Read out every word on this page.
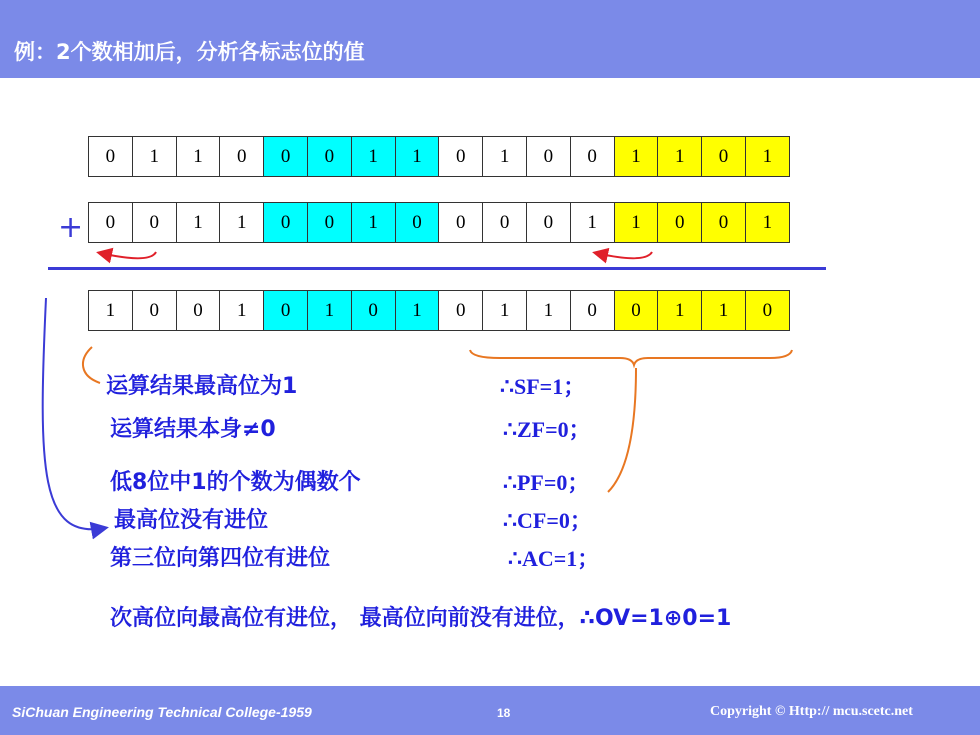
例：2个数相加后，分析各标志位的值
0	1	1	0	0	0	1	1	0	1	0	0	1	1	0	1
+	0	0	1	1	0	0	1	0	0	0	0	1	1	0	0	1
1	0	0	1	0	1	0	1	0	1	1	0	0	1	1	0
运算结果最高位为1	∴SF=1；
运算结果本身≠0	∴ZF=0；
低8位中1的个数为偶数个	∴PF=0；
最高位没有进位	∴CF=0；
第三位向第四位有进位	∴AC=1；
次高位向最高位有进位， 最高位向前没有进位，∴OV=1⊕0=1
SiChuan Engineering Technical College-1959	18	Copyright © Http:// mcu.scetc.net
